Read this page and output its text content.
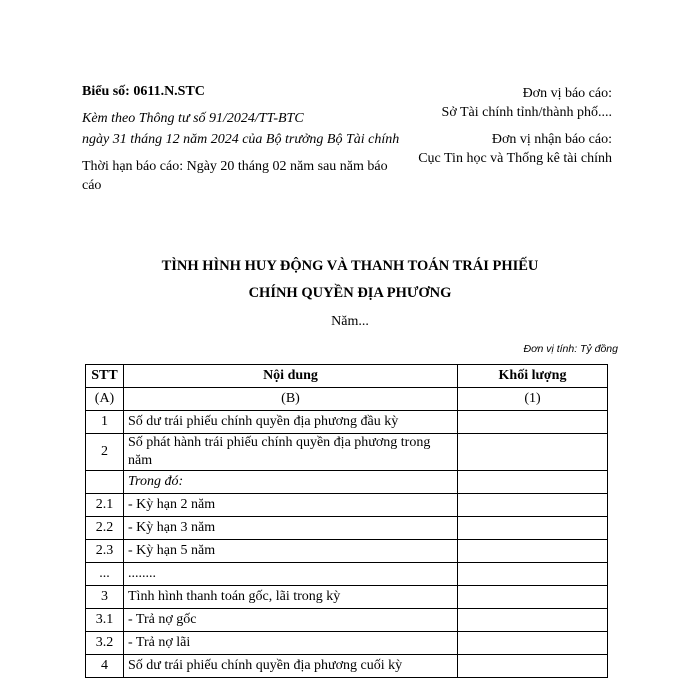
Biểu số: 0611.N.STC

Kèm theo Thông tư số 91/2024/TT-BTC

ngày 31 tháng 12 năm 2024 của Bộ trưởng Bộ Tài chính

Thời hạn báo cáo: Ngày 20 tháng 02 năm sau năm báo cáo

Đơn vị báo cáo:
Sở Tài chính tỉnh/thành phố....

Đơn vị nhận báo cáo:
Cục Tin học và Thống kê tài chính

TÌNH HÌNH HUY ĐỘNG VÀ THANH TOÁN TRÁI PHIẾU
CHÍNH QUYỀN ĐỊA PHƯƠNG
Năm...
Đơn vị tính: Tỷ đồng
STT	Nội dung	Khối lượng
(A)	(B)	(1)
1	Số dư trái phiếu chính quyền địa phương đầu kỳ	
2	Số phát hành trái phiếu chính quyền địa phương trong năm	
	Trong đó:	
2.1	- Kỳ hạn 2 năm	
2.2	- Kỳ hạn 3 năm	
2.3	- Kỳ hạn 5 năm	
...	........	
3	Tình hình thanh toán gốc, lãi trong kỳ	
3.1	- Trả nợ gốc	
3.2	- Trả nợ lãi	
4	Số dư trái phiếu chính quyền địa phương cuối kỳ	
